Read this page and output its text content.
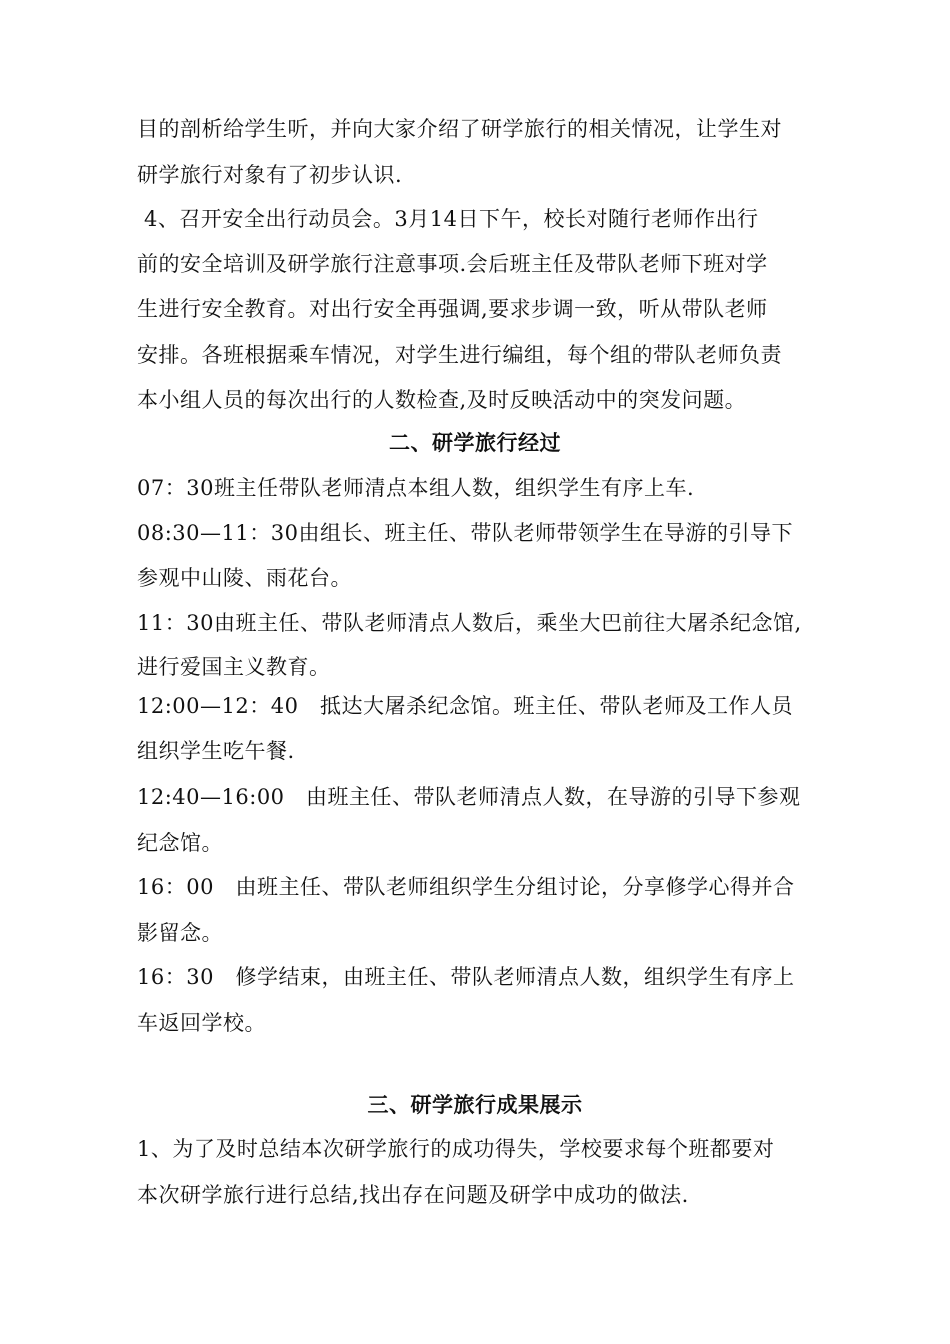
目的剖析给学生听，并向大家介绍了研学旅行的相关情况，让学生对
研学旅行对象有了初步认识.
4、召开安全出行动员会。3月14日下午，校长对随行老师作出行
前的安全培训及研学旅行注意事项.会后班主任及带队老师下班对学
生进行安全教育。对出行安全再强调,要求步调一致，听从带队老师
安排。各班根据乘车情况，对学生进行编组，每个组的带队老师负责
本小组人员的每次出行的人数检查,及时反映活动中的突发问题。
二、研学旅行经过
07：30班主任带队老师清点本组人数，组织学生有序上车.
08:30—11：30由组长、班主任、带队老师带领学生在导游的引导下
参观中山陵、雨花台。
11：30由班主任、带队老师清点人数后，乘坐大巴前往大屠杀纪念馆,
进行爱国主义教育。
12:00—12：40　抵达大屠杀纪念馆。班主任、带队老师及工作人员
组织学生吃午餐.
12:40—16:00　由班主任、带队老师清点人数，在导游的引导下参观
纪念馆。
16：00　由班主任、带队老师组织学生分组讨论，分享修学心得并合
影留念。
16：30　修学结束，由班主任、带队老师清点人数，组织学生有序上
车返回学校。
三、研学旅行成果展示
1、为了及时总结本次研学旅行的成功得失，学校要求每个班都要对
本次研学旅行进行总结,找出存在问题及研学中成功的做法.
